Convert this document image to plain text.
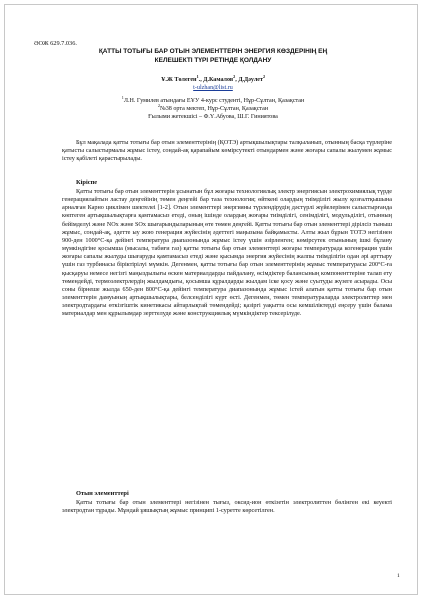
ӘОЖ 629.7.036.
ҚАТТЫ ТОТЫҒЫ БАР ОТЫН ЭЛЕМЕНТТЕРІН ЭНЕРГИЯ КӨЗДЕРІНІҢ ЕҢ
КЕЛЕШЕКТІ ТҮРІ РЕТІНДЕ ҚОЛДАНУ
Ұ.Ж Төлеген$^1$., Д.Камалов$^2$, Д.Дәулет$^2$
t-ulzhan@list.ru
$^1$Л.Н. Гумилев атындағы ЕҰУ 4-курс студенті, Нұр-Сұлтан, Қазақстан
$^2$№38 орта мектеп, Нұр-Сұлтан, Қазақстан
Ғылыми жетекшісі – Ф.Ү.Абуова, Ш.Г. Гиниятова

Бұл мақалада қатты тотығы бар отын элементтерінің (ҚОТЭ) артықшылықтары талқыланып, отынның басқа түрлеріне қатысты салыстырмалы жұмыс істеу, сондай-ақ қарапайым көмірсутекті отындармен және жоғары сапалы жылумен жұмыс істеу қабілеті қарастырылады.

Кіріспе

Қатты тотығы бар отын элементтерін ұсынатын бұл жоғары технологиялық электр энергиясын электрохимиялық түрде генерациялайтын ластау деңгейінің төмен деңгейі бар таза технология; өйткені олардың тиімділігі жылу қозғалтқышына арналған Карно циклімен шектелеі [1-2]. Отын элементтері энергияны түрлендірудің дәстүрлі жүйелерімен салыстырғанда көптеген артықшылықтарға қамтамасыз етеді, оның ішінде олардың жоғары тиімділігі, сенімділігі, модульділігі, отынның бейімделуі және NOx және SOx шығарындыларының өте төмен деңгейі. Қатты тотығы бар отын элементтері дірілсіз тыныш жұмыс, сондай-ақ, әдетте ыу жою генерация жүйесінің әдеттегі маңызына байқамысты. Алты жыл бұрын ТОТЭ негізінен 900-ден 1000°C-қа дейінгі температура диапазонында жұмыс істеу үшін әзірленген; көмірсутек отынының ішкі бұлану мүмкіндігіне қосымша (мысалы, табиғи газ) қатты тотығы бар отын элементтері жоғары температурада когенерация үшін жоғары сапалы жылуды шығаруды қамтамасыз етеді және қысымда энергия жүйесінің жалпы тиімділігін одан әрі арттыру үшін газ турбинасы біріктірілуі мүмкін. Дегенмен, қатты тотығы бар отын элементтерінің жұмыс температурасы 200°C-ға қысқаруы немесе негізгі маңыздылығы өскен материалдарды пайдалану, өсімдіктер балансының компоненттеріне талап ету төмендейді, термоэлектрлердің жылдамдығы, қосымша құралдарды жылдам іске қосу және суытуды жүзеге асырады. Осы соны бірнеше жылда 650-ден 800°C-қа дейінгі температура диапазонында жұмыс істей алатын қатты тотығы бар отын элементтерін дамуының артықшылықтары, белсенділігі күрт өсті. Дегенмен, төмен температураларда электролиттер мен электродтардағы өткізгіштік кинетикасы айтарлықтай төмендейді; қазіргі уақытта осы кемшіліктерді еңсеру үшін балама материалдар мен құрылымдар зерттелуде және конструкциялық мүмкіндіктер тексерілуде.

Отын элементтері

Қатты тотығы бар отын элементтері негізінен тығыз, оксид-ион өткізетін электролиттен бөлінген екі кеуекті электродтан тұрады. Мұндай ұяшықтың жұмыс принципі 1-суретте көрсетілген.

1
